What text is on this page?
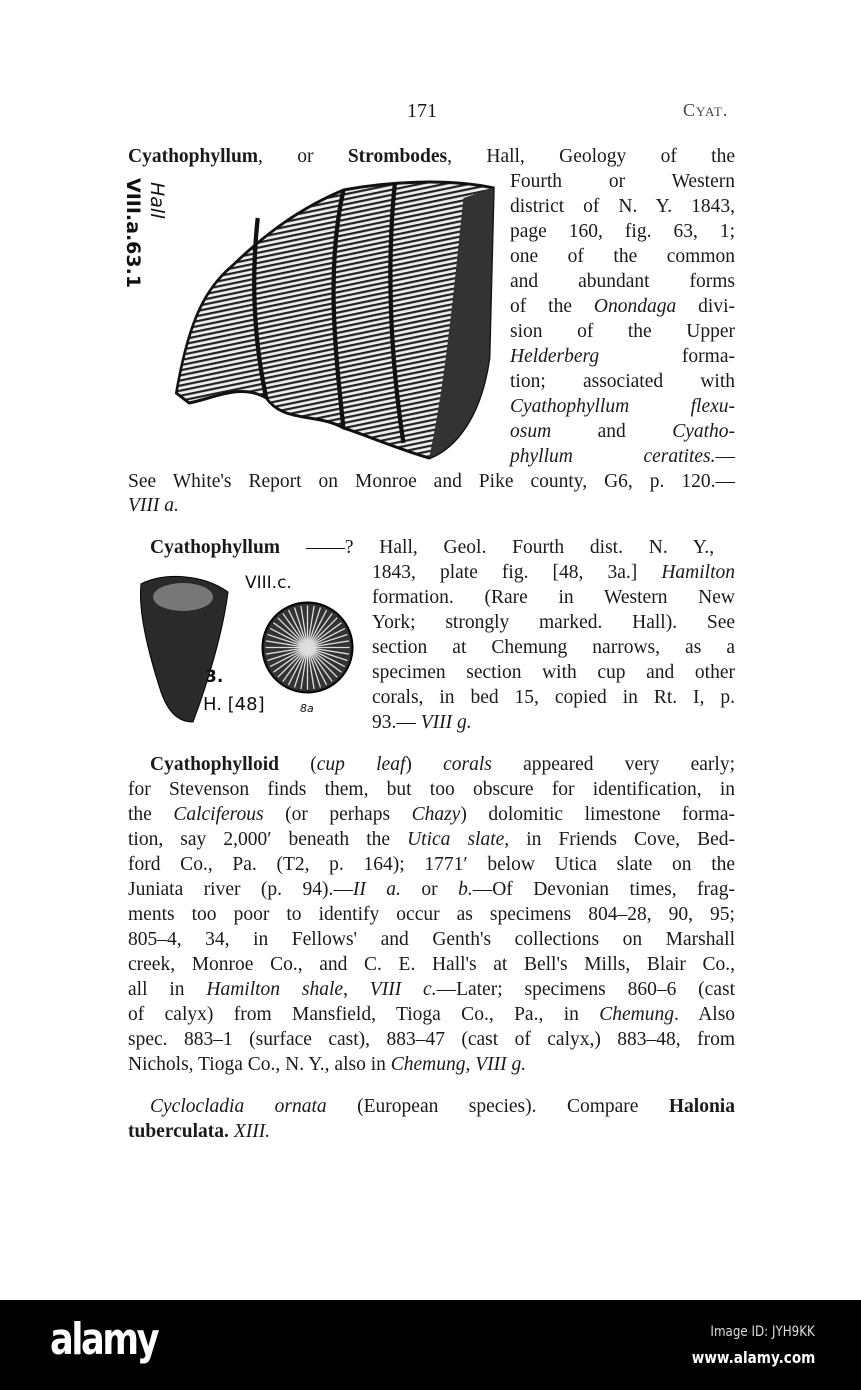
171	Cyat.
Hall
VIII.a.63.1
VIII.c.
3.
H. [48]	8a
Cyathophyllum, or Strombodes, Hall, Geology of the
Fourth or Western
district of N. Y. 1843,
page 160, fig. 63, 1;
one of the common
and abundant forms
of the Onondaga divi-
sion of the Upper
Helderberg forma-
tion; associated with
Cyathophyllum flexu-
osum and Cyatho-
phyllum ceratites.—
See White's Report on Monroe and Pike county, G6, p. 120.—
VIII a.
Cyathophyllum ——? Hall, Geol. Fourth dist. N. Y.,
1843, plate fig. [48, 3a.] Hamilton
formation. (Rare in Western New
York; strongly marked. Hall). See
section at Chemung narrows, as a
specimen section with cup and other
corals, in bed 15, copied in Rt. I, p.
93.— VIII g.
Cyathophylloid (cup leaf) corals appeared very early;
for Stevenson finds them, but too obscure for identification, in
the Calciferous (or perhaps Chazy) dolomitic limestone forma-
tion, say 2,000′ beneath the Utica slate, in Friends Cove, Bed-
ford Co., Pa. (T2, p. 164); 1771′ below Utica slate on the
Juniata river (p. 94).—II a. or b.—Of Devonian times, frag-
ments too poor to identify occur as specimens 804–28, 90, 95;
805–4, 34, in Fellows' and Genth's collections on Marshall
creek, Monroe Co., and C. E. Hall's at Bell's Mills, Blair Co.,
all in Hamilton shale, VIII c.—Later; specimens 860–6 (cast
of calyx) from Mansfield, Tioga Co., Pa., in Chemung. Also
spec. 883–1 (surface cast), 883–47 (cast of calyx,) 883–48, from
Nichols, Tioga Co., N. Y., also in Chemung, VIII g.
Cyclocladia ornata (European species). Compare Halonia
tuberculata. XIII.
alamy	Image ID: JYH9KK
www.alamy.com
